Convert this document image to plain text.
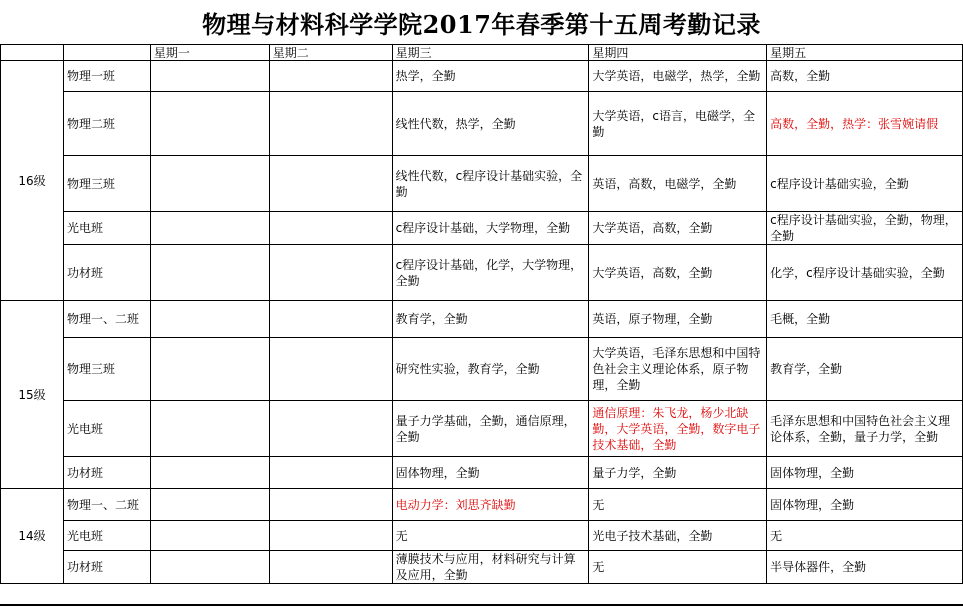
物理与材料科学学院2017年春季第十五周考勤记录
		星期一	星期二	星期三	星期四	星期五
16级	物理一班			热学，全勤	大学英语，电磁学，热学，全勤	高数，全勤
	物理二班			线性代数，热学，全勤	大学英语，c语言，电磁学，全勤	高数，全勤，热学：张雪婉请假
	物理三班			线性代数，c程序设计基础实验，全勤	英语，高数，电磁学，全勤	c程序设计基础实验，全勤
	光电班			c程序设计基础，大学物理，全勤	大学英语，高数，全勤	c程序设计基础实验，全勤，物理，全勤
	功材班			c程序设计基础，化学，大学物理，全勤	大学英语，高数，全勤	化学，c程序设计基础实验，全勤
15级	物理一、二班			教育学，全勤	英语，原子物理，全勤	毛概，全勤
	物理三班			研究性实验，教育学，全勤	大学英语，毛泽东思想和中国特色社会主义理论体系，原子物理，全勤	教育学，全勤
	光电班			量子力学基础，全勤，通信原理，全勤	通信原理：朱飞龙，杨少北缺勤，大学英语，全勤，数字电子技术基础，全勤	毛泽东思想和中国特色社会主义理论体系，全勤，量子力学，全勤
	功材班			固体物理，全勤	量子力学，全勤	固体物理，全勤
14级	物理一、二班			电动力学：刘思齐缺勤	无	固体物理，全勤
	光电班			无	光电子技术基础，全勤	无
	功材班			薄膜技术与应用，材料研究与计算及应用，全勤	无	半导体器件，全勤
